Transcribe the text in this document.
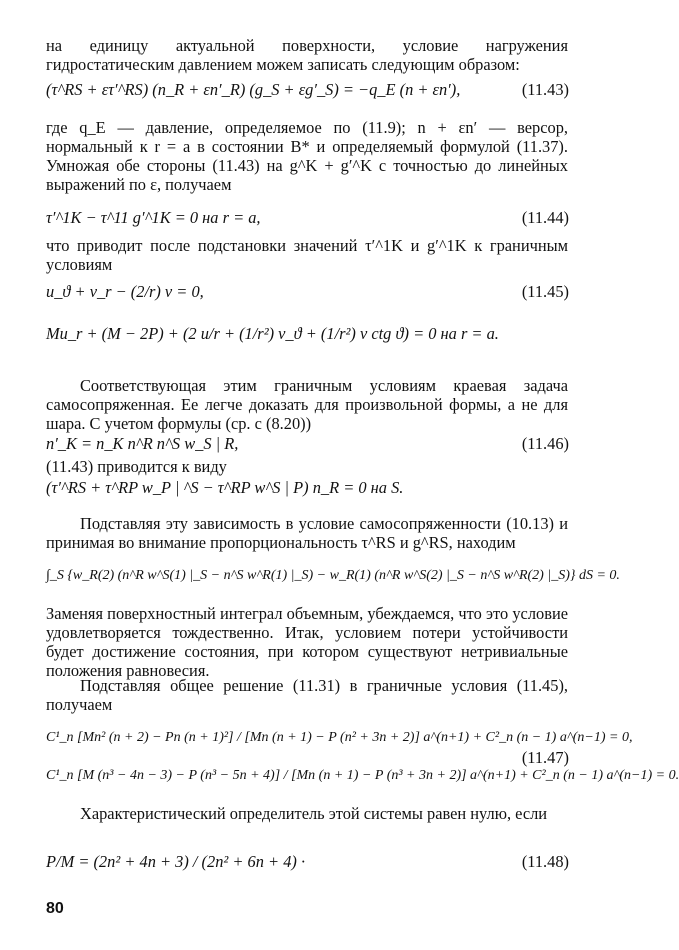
на единицу актуальной поверхности, условие нагружения гидростатическим давлением можем записать следующим образом:
(τ^RS + ετ′^RS) (n_R + εn′_R) (g_S + εg′_S) = −q_E (n + εn′),	(11.43)
где q_E — давление, определяемое по (11.9); n + εn′ — версор, нормальный к r = a в состоянии B* и определяемый формулой (11.37). Умножая обе стороны (11.43) на g^K + g′^K с точностью до линейных выражений по ε, получаем
τ′^1K − τ^11 g′^1K = 0 на r = a,	(11.44)
что приводит после подстановки значений τ′^1K и g′^1K к граничным условиям
u_ϑ + v_r − (2/r) v = 0,	(11.45)
Mu_r + (M − 2P) + (2 u/r + (1/r²) v_ϑ + (1/r²) v ctg ϑ) = 0 на r = a.
Соответствующая этим граничным условиям краевая задача самосопряженная. Ее легче доказать для произвольной формы, а не для шара. С учетом формулы (ср. с (8.20))
n′_K = n_K n^R n^S w_S | R,	(11.46)
(11.43) приводится к виду
(τ′^RS + τ^RP w_P | ^S − τ^RP w^S | P) n_R = 0 на S.
Подставляя эту зависимость в условие самосопряженности (10.13) и принимая во внимание пропорциональность τ^RS и g^RS, находим
∫_S {w_R(2) (n^R w^S(1) |_S − n^S w^R(1) |_S) − w_R(1) (n^R w^S(2) |_S − n^S w^R(2) |_S)} dS = 0.
Заменяя поверхностный интеграл объемным, убеждаемся, что это условие удовлетворяется тождественно. Итак, условием потери устойчивости будет достижение состояния, при котором существуют нетривиальные положения равновесия.
Подставляя общее решение (11.31) в граничные условия (11.45), получаем
C¹_n [Mn² (n + 2) − Pn (n + 1)²] / [Mn (n + 1) − P (n² + 3n + 2)] a^(n+1) + C²_n (n − 1) a^(n−1) = 0,
(11.47)
C¹_n [M (n³ − 4n − 3) − P (n³ − 5n + 4)] / [Mn (n + 1) − P (n³ + 3n + 2)] a^(n+1) + C²_n (n − 1) a^(n−1) = 0.
Характеристический определитель этой системы равен нулю, если
P/M = (2n² + 4n + 3) / (2n² + 6n + 4) ·	(11.48)
80
